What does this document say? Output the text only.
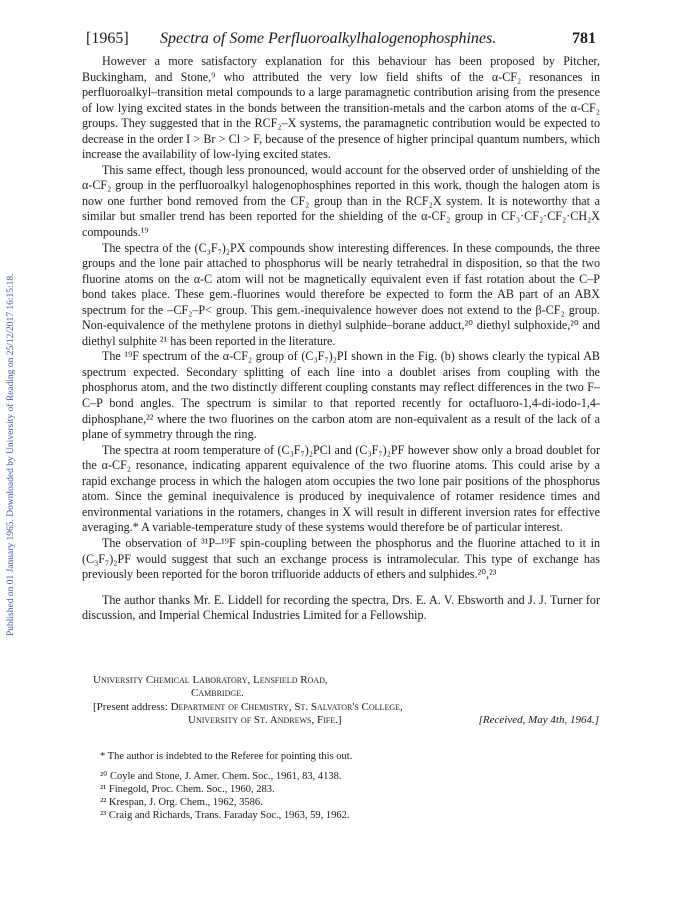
Published on 01 January 1965. Downloaded by University of Reading on 25/12/2017 16:15:18.
[1965] Spectra of Some Perfluoroalkylhalogenophosphines.	781

However a more satisfactory explanation for this behaviour has been proposed by Pitcher, Buckingham, and Stone,⁹ who attributed the very low field shifts of the α-CF₂ resonances in perfluoroalkyl–transition metal compounds to a large paramagnetic contribution arising from the presence of low lying excited states in the bonds between the transition-metals and the carbon atoms of the α-CF₂ groups. They suggested that in the RCF₂–X systems, the paramagnetic contribution would be expected to decrease in the order I > Br > Cl > F, because of the presence of higher principal quantum numbers, which increase the availability of low-lying excited states.

This same effect, though less pronounced, would account for the observed order of unshielding of the α-CF₂ group in the perfluoroalkyl halogenophosphines reported in this work, though the halogen atom is now one further bond removed from the CF₂ group than in the RCF₂X system. It is noteworthy that a similar but smaller trend has been reported for the shielding of the α-CF₂ group in CF₃·CF₂·CF₂·CH₂X compounds.¹⁹

The spectra of the (C₃F₇)₂PX compounds show interesting differences. In these compounds, the three groups and the lone pair attached to phosphorus will be nearly tetrahedral in disposition, so that the two fluorine atoms on the α-C atom will not be magnetically equivalent even if fast rotation about the C–P bond takes place. These gem.-fluorines would therefore be expected to form the AB part of an ABX spectrum for the –CF₂–P< group. This gem.-inequivalence however does not extend to the β-CF₂ group. Non-equivalence of the methylene protons in diethyl sulphide–borane adduct,²⁰ diethyl sulphoxide,²⁰ and diethyl sulphite ²¹ has been reported in the literature.

The ¹⁹F spectrum of the α-CF₂ group of (C₃F₇)₂PI shown in the Fig. (b) shows clearly the typical AB spectrum expected. Secondary splitting of each line into a doublet arises from coupling with the phosphorus atom, and the two distinctly different coupling constants may reflect differences in the two F–C–P bond angles. The spectrum is similar to that reported recently for octafluoro-1,4-di-iodo-1,4-diphosphane,²² where the two fluorines on the carbon atom are non-equivalent as a result of the lack of a plane of symmetry through the ring.

The spectra at room temperature of (C₃F₇)₂PCl and (C₃F₇)₂PF however show only a broad doublet for the α-CF₂ resonance, indicating apparent equivalence of the two fluorine atoms. This could arise by a rapid exchange process in which the halogen atom occupies the two lone pair positions of the phosphorus atom. Since the geminal inequivalence is produced by inequivalence of rotamer residence times and environmental variations in the rotamers, changes in X will result in different inversion rates for effective averaging.* A variable-temperature study of these systems would therefore be of particular interest.

The observation of ³¹P–¹⁹F spin-coupling between the phosphorus and the fluorine attached to it in (C₃F₇)₂PF would suggest that such an exchange process is intramolecular. This type of exchange has previously been reported for the boron trifluoride adducts of ethers and sulphides.²⁰,²³

The author thanks Mr. E. Liddell for recording the spectra, Drs. E. A. V. Ebsworth and J. J. Turner for discussion, and Imperial Chemical Industries Limited for a Fellowship.

University Chemical Laboratory, Lensfield Road,
Cambridge.
[Present address: Department of Chemistry, St. Salvator's College,
University of St. Andrews, Fife.]	[Received, May 4th, 1964.]
* The author is indebted to the Referee for pointing this out.
²⁰ Coyle and Stone, J. Amer. Chem. Soc., 1961, 83, 4138.
²¹ Finegold, Proc. Chem. Soc., 1960, 283.
²² Krespan, J. Org. Chem., 1962, 3586.
²³ Craig and Richards, Trans. Faraday Soc., 1963, 59, 1962.
